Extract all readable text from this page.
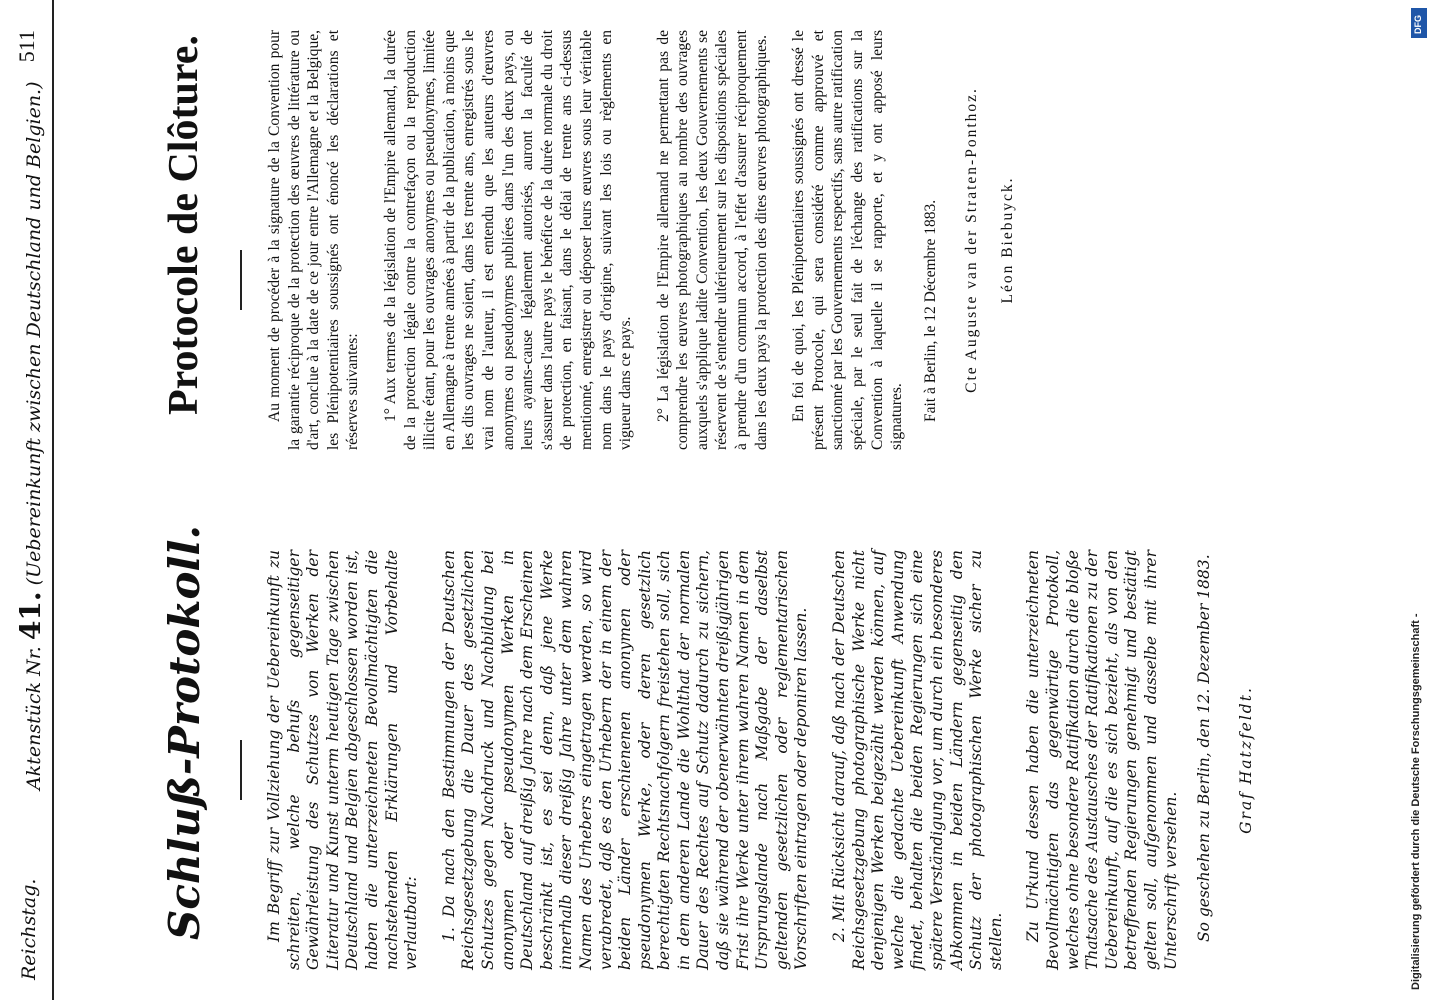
Reichstag.
Aktenstück Nr. 41. (Uebereinkunft zwischen Deutschland und Belgien.)
511
Schluß-Protokoll.
Protocole de Clôture.

Im Begriff zur Vollziehung der Uebereinkunft zu schreiten, welche behufs gegenseitiger Gewährleistung des Schutzes von Werken der Literatur und Kunst unterm heutigen Tage zwischen Deutschland und Belgien abgeschlossen worden ist, haben die unterzeichneten Bevollmächtigten die nachstehenden Erklärungen und Vorbehalte verlautbart: 1. Da nach den Bestimmungen der Deutschen Reichsgesetzgebung die Dauer des gesetzlichen Schutzes gegen Nachdruck und Nachbildung bei anonymen oder pseudonymen Werken in Deutschland auf dreißig Jahre nach dem Erscheinen beschränkt ist, es sei denn, daß jene Werke innerhalb dieser dreißig Jahre unter dem wahren Namen des Urhebers eingetragen werden, so wird verabredet, daß es den Urhebern der in einem der beiden Länder erschienenen anonymen oder pseudonymen Werke, oder deren gesetzlich berechtigten Rechtsnachfolgern freistehen soll, sich in dem anderen Lande die Wohlthat der normalen Dauer des Rechtes auf Schutz dadurch zu sichern, daß sie während der obenerwähnten dreißigjährigen Frist ihre Werke unter ihrem wahren Namen in dem Ursprungslande nach Maßgabe der daselbst geltenden gesetzlichen oder reglementarischen Vorschriften eintragen oder deponiren lassen. 2. Mit Rücksicht darauf, daß nach der Deutschen Reichsgesetzgebung photographische Werke nicht denjenigen Werken beigezählt werden können, auf welche die gedachte Uebereinkunft Anwendung findet, behalten die beiden Regierungen sich eine spätere Verständigung vor, um durch ein besonderes Abkommen in beiden Ländern gegenseitig den Schutz der photographischen Werke sicher zu stellen. Zu Urkund dessen haben die unterzeichneten Bevollmächtigten das gegenwärtige Protokoll, welches ohne besondere Ratifikation durch die bloße Thatsache des Austausches der Ratifikationen zu der Uebereinkunft, auf die es sich bezieht, als von den betreffenden Regierungen genehmigt und bestätigt gelten soll, aufgenommen und dasselbe mit ihrer Unterschrift versehen. So geschehen zu Berlin, den 12. Dezember 1883. Graf Hatzfeldt.

Au moment de procéder à la signature de la Convention pour la garantie réciproque de la protection des œuvres de littérature ou d'art, conclue à la date de ce jour entre l'Allemagne et la Belgique, les Plénipotentiaires soussignés ont énoncé les déclarations et réserves suivantes: 1° Aux termes de la législation de l'Empire allemand, la durée de la protection légale contre la contrefaçon ou la reproduction illicite étant, pour les ouvrages anonymes ou pseudonymes, limitée en Allemagne à trente années à partir de la publication, à moins que les dits ouvrages ne soient, dans les trente ans, enregistrés sous le vrai nom de l'auteur, il est entendu que les auteurs d'œuvres anonymes ou pseudonymes publiées dans l'un des deux pays, ou leurs ayants-cause légalement autorisés, auront la faculté de s'assurer dans l'autre pays le bénéfice de la durée normale du droit de protection, en faisant, dans le délai de trente ans ci-dessus mentionné, enregistrer ou déposer leurs œuvres sous leur véritable nom dans le pays d'origine, suivant les lois ou règlements en vigueur dans ce pays. 2° La législation de l'Empire allemand ne permettant pas de comprendre les œuvres photographiques au nombre des ouvrages auxquels s'applique ladite Convention, les deux Gouvernements se réservent de s'entendre ultérieurement sur les dispositions spéciales à prendre d'un commun accord, à l'effet d'assurer réciproquement dans les deux pays la protection des dites œuvres photographiques. En foi de quoi, les Plénipotentiaires soussignés ont dressé le présent Protocole, qui sera considéré comme approuvé et sanctionné par les Gouvernements respectifs, sans autre ratification spéciale, par le seul fait de l'échange des ratifications sur la Convention à laquelle il se rapporte, et y ont apposé leurs signatures. Fait à Berlin, le 12 Décembre 1883. Cte Auguste van der Straten-Ponthoz. Léon Biebuyck.

Digitalisierung gefördert durch die Deutsche Forschungsgemeinschaft -
DFG
